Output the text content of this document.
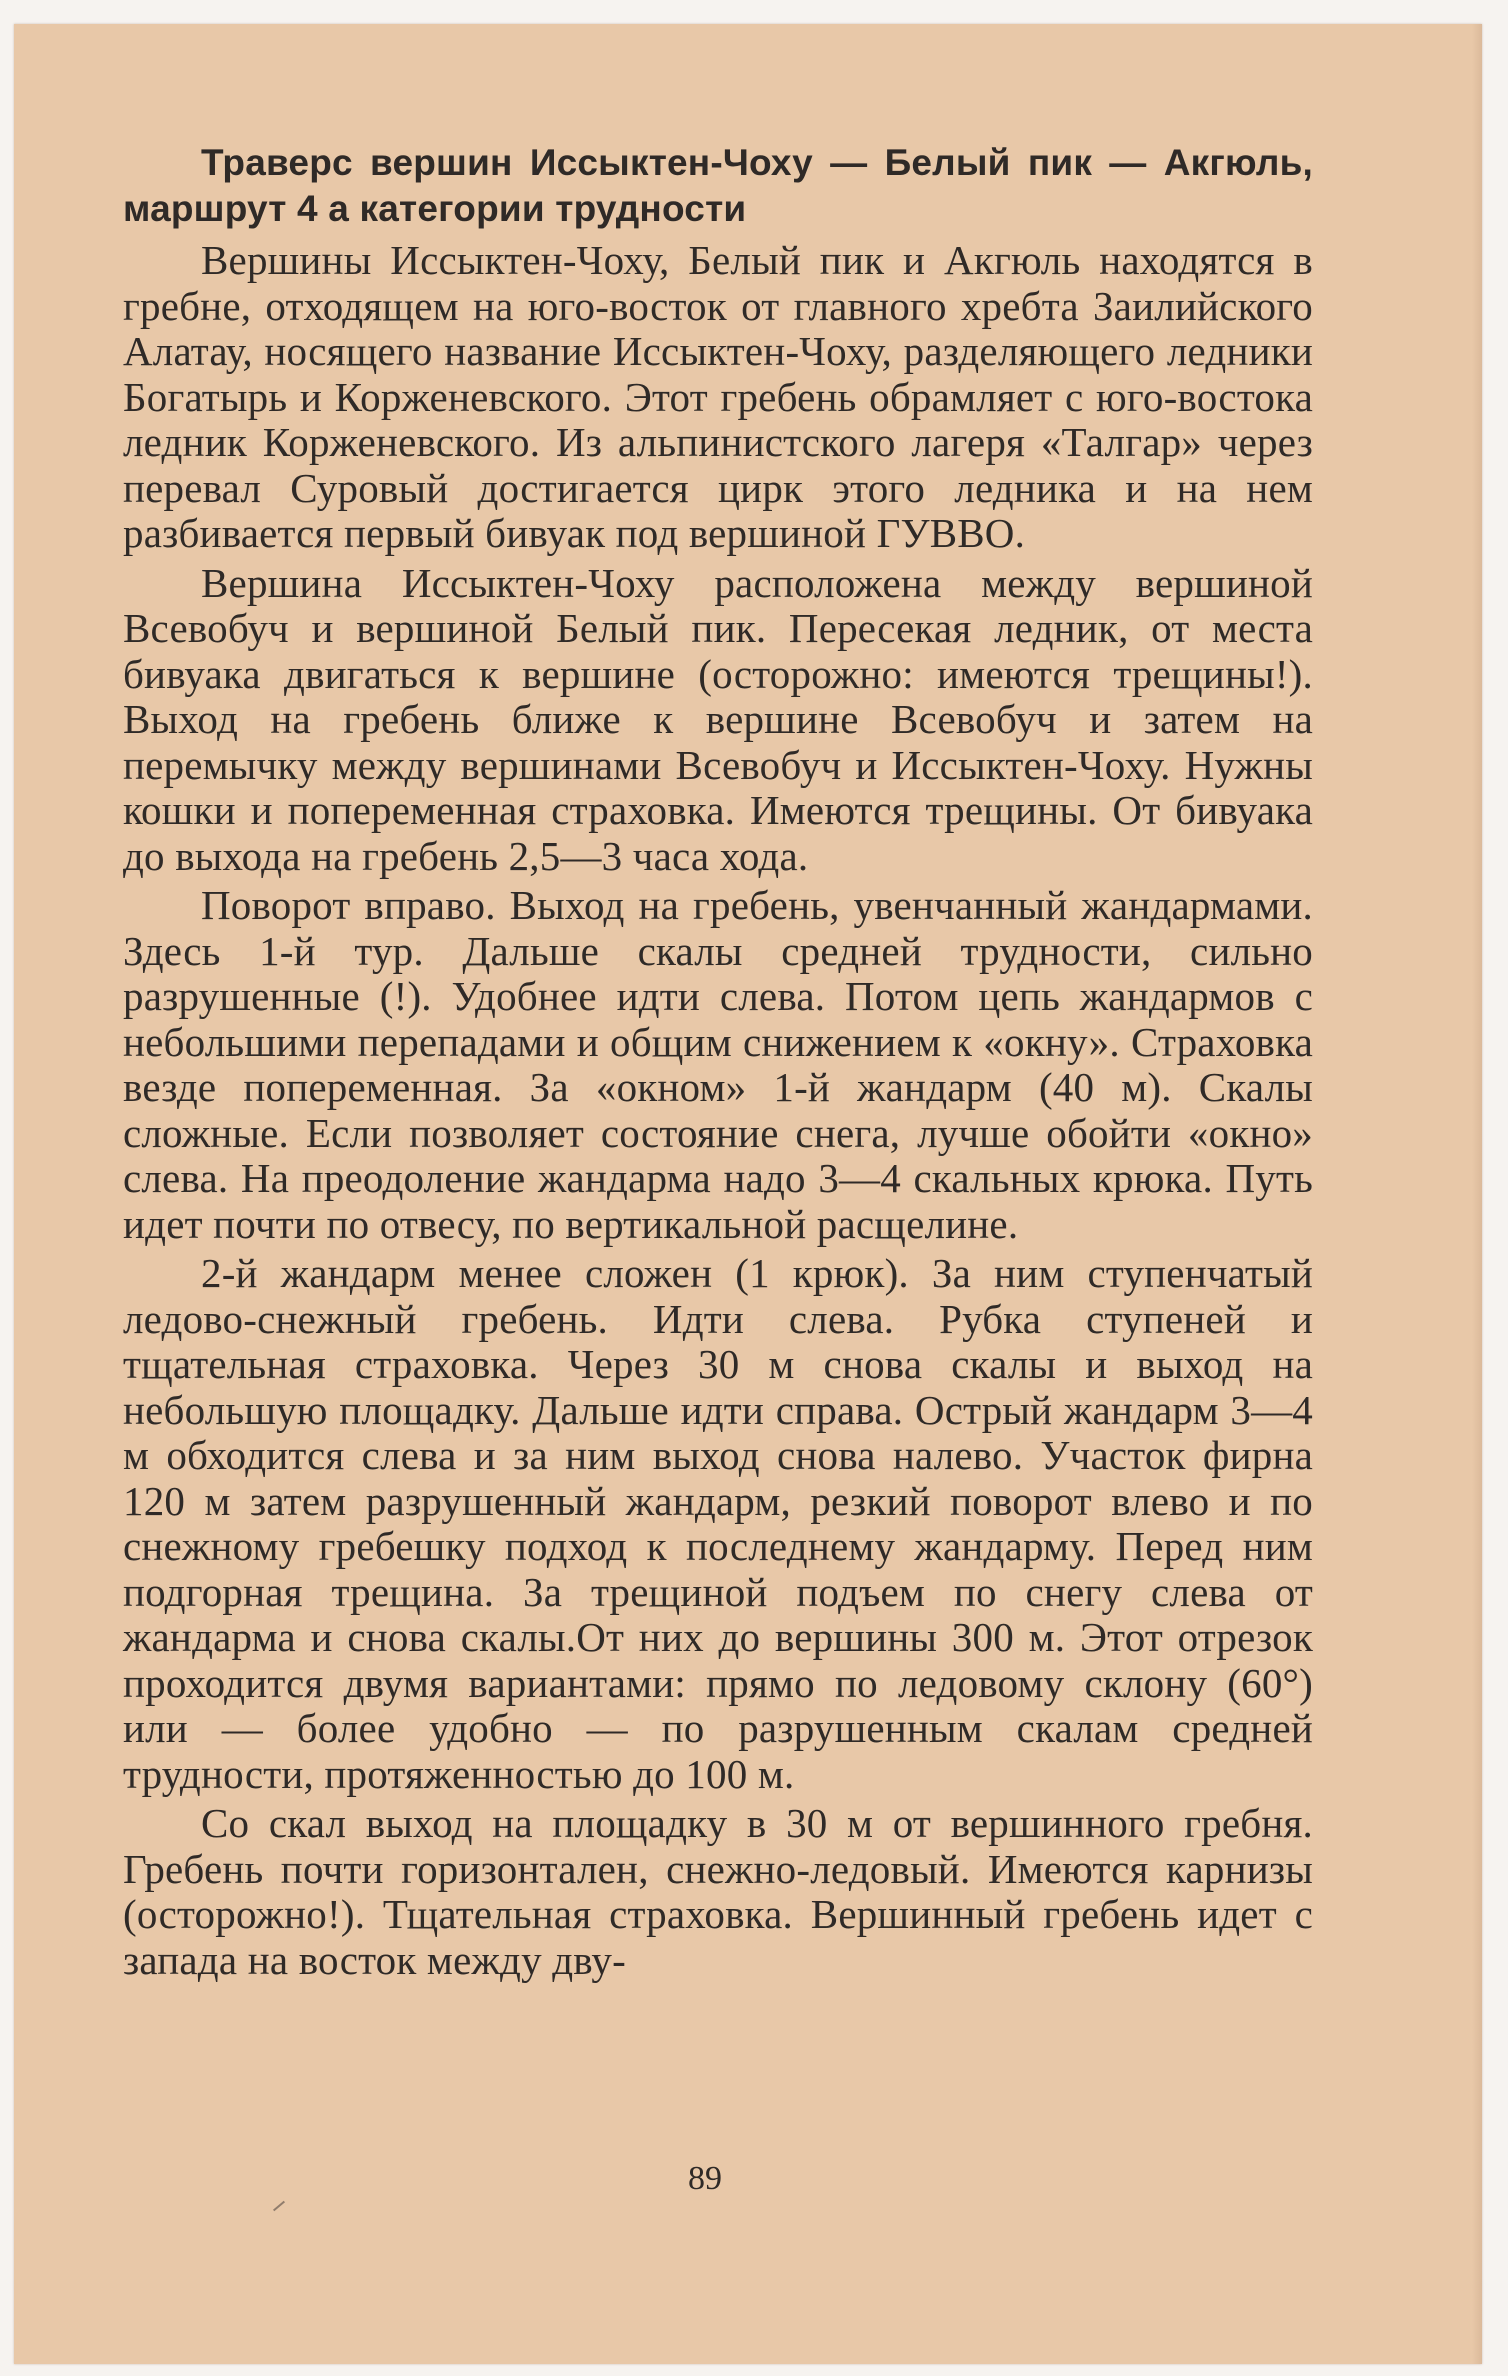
Траверс вершин Иссыктен-Чоху — Белый пик — Акгюль, маршрут 4 а категории трудности

Вершины Иссыктен-Чоху, Белый пик и Акгюль находятся в гребне, отходящем на юго-восток от главного хребта Заилийского Алатау, носящего название Иссыктен-Чоху, разделяющего ледники Богатырь и Корженевского. Этот гребень обрамляет с юго-востока ледник Корженевского. Из альпинистского лагеря «Талгар» через перевал Суровый достигается цирк этого ледника и на нем разбивается первый бивуак под вершиной ГУВВО.

Вершина Иссыктен-Чоху расположена между вершиной Всевобуч и вершиной Белый пик. Пересекая ледник, от места бивуака двигаться к вершине (осторожно: имеются трещины!). Выход на гребень ближе к вершине Всевобуч и затем на перемычку между вершинами Всевобуч и Иссыктен-Чоху. Нужны кошки и попеременная страховка. Имеются трещины. От бивуака до выхода на гребень 2,5—3 часа хода.

Поворот вправо. Выход на гребень, увенчанный жандармами. Здесь 1-й тур. Дальше скалы средней трудности, сильно разрушенные (!). Удобнее идти слева. Потом цепь жандармов с небольшими перепадами и общим снижением к «окну». Страховка везде попеременная. За «окном» 1-й жандарм (40 м). Скалы сложные. Если позволяет состояние снега, лучше обойти «окно» слева. На преодоление жандарма надо 3—4 скальных крюка. Путь идет почти по отвесу, по вертикальной расщелине.

2-й жандарм менее сложен (1 крюк). За ним ступенчатый ледово-снежный гребень. Идти слева. Рубка ступеней и тщательная страховка. Через 30 м снова скалы и выход на небольшую площадку. Дальше идти справа. Острый жандарм 3—4 м обходится слева и за ним выход снова налево. Участок фирна 120 м затем разрушенный жандарм, резкий поворот влево и по снежному гребешку подход к последнему жандарму. Перед ним подгорная трещина. За трещиной подъем по снегу слева от жандарма и снова скалы.От них до вершины 300 м. Этот отрезок проходится двумя вариантами: прямо по ледовому склону (60°) или — более удобно — по разрушенным скалам средней трудности, протяженностью до 100 м.

Со скал выход на площадку в 30 м от вершинного гребня. Гребень почти горизонтален, снежно-ледовый. Имеются карнизы (осторожно!). Тщательная страховка. Вершинный гребень идет с запада на восток между дву-

89
